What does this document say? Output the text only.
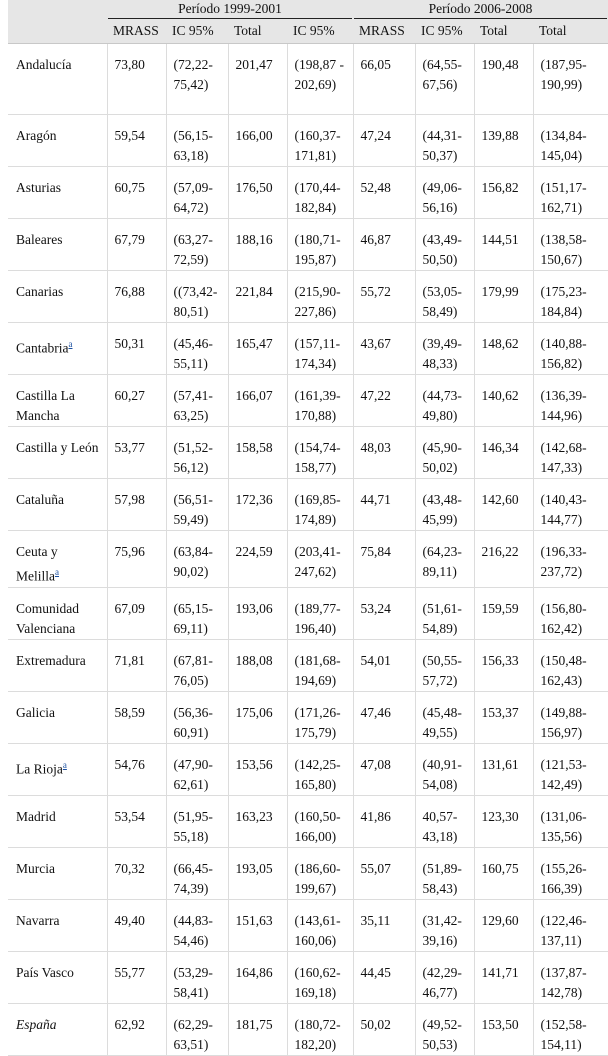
	Período 1999-2001				Período 2006-2008			

	MRASS	IC 95%	Total	IC 95%	MRASS	IC 95%	Total	Total
Andalucía	73,80	(72,22-75,42)	201,47	(198,87 - 202,69)	66,05	(64,55-67,56)	190,48	(187,95-190,99)
Aragón	59,54	(56,15-63,18)	166,00	(160,37-171,81)	47,24	(44,31-50,37)	139,88	(134,84-145,04)
Asturias	60,75	(57,09-64,72)	176,50	(170,44-182,84)	52,48	(49,06-56,16)	156,82	(151,17-162,71)
Baleares	67,79	(63,27-72,59)	188,16	(180,71-195,87)	46,87	(43,49-50,50)	144,51	(138,58-150,67)
Canarias	76,88	((73,42-80,51)	221,84	(215,90-227,86)	55,72	(53,05-58,49)	179,99	(175,23-184,84)
Cantabria$^a$	50,31	(45,46-55,11)	165,47	(157,11-174,34)	43,67	(39,49-48,33)	148,62	(140,88-156,82)
Castilla La Mancha	60,27	(57,41-63,25)	166,07	(161,39-170,88)	47,22	(44,73-49,80)	140,62	(136,39-144,96)
Castilla y León	53,77	(51,52-56,12)	158,58	(154,74-158,77)	48,03	(45,90-50,02)	146,34	(142,68-147,33)
Cataluña	57,98	(56,51-59,49)	172,36	(169,85-174,89)	44,71	(43,48-45,99)	142,60	(140,43-144,77)
Ceuta y Melilla$^a$	75,96	(63,84-90,02)	224,59	(203,41-247,62)	75,84	(64,23-89,11)	216,22	(196,33-237,72)
Comunidad Valenciana	67,09	(65,15-69,11)	193,06	(189,77-196,40)	53,24	(51,61-54,89)	159,59	(156,80-162,42)
Extremadura	71,81	(67,81-76,05)	188,08	(181,68-194,69)	54,01	(50,55-57,72)	156,33	(150,48-162,43)
Galicia	58,59	(56,36-60,91)	175,06	(171,26-175,79)	47,46	(45,48-49,55)	153,37	(149,88-156,97)
La Rioja$^a$	54,76	(47,90-62,61)	153,56	(142,25-165,80)	47,08	(40,91-54,08)	131,61	(121,53-142,49)
Madrid	53,54	(51,95-55,18)	163,23	(160,50-166,00)	41,86	40,57-43,18)	123,30	(131,06-135,56)
Murcia	70,32	(66,45-74,39)	193,05	(186,60-199,67)	55,07	(51,89-58,43)	160,75	(155,26-166,39)
Navarra	49,40	(44,83-54,46)	151,63	(143,61-160,06)	35,11	(31,42-39,16)	129,60	(122,46-137,11)
País Vasco	55,77	(53,29-58,41)	164,86	(160,62-169,18)	44,45	(42,29-46,77)	141,71	(137,87-142,78)
España	62,92	(62,29-63,51)	181,75	(180,72-182,20)	50,02	(49,52-50,53)	153,50	(152,58-154,11)
